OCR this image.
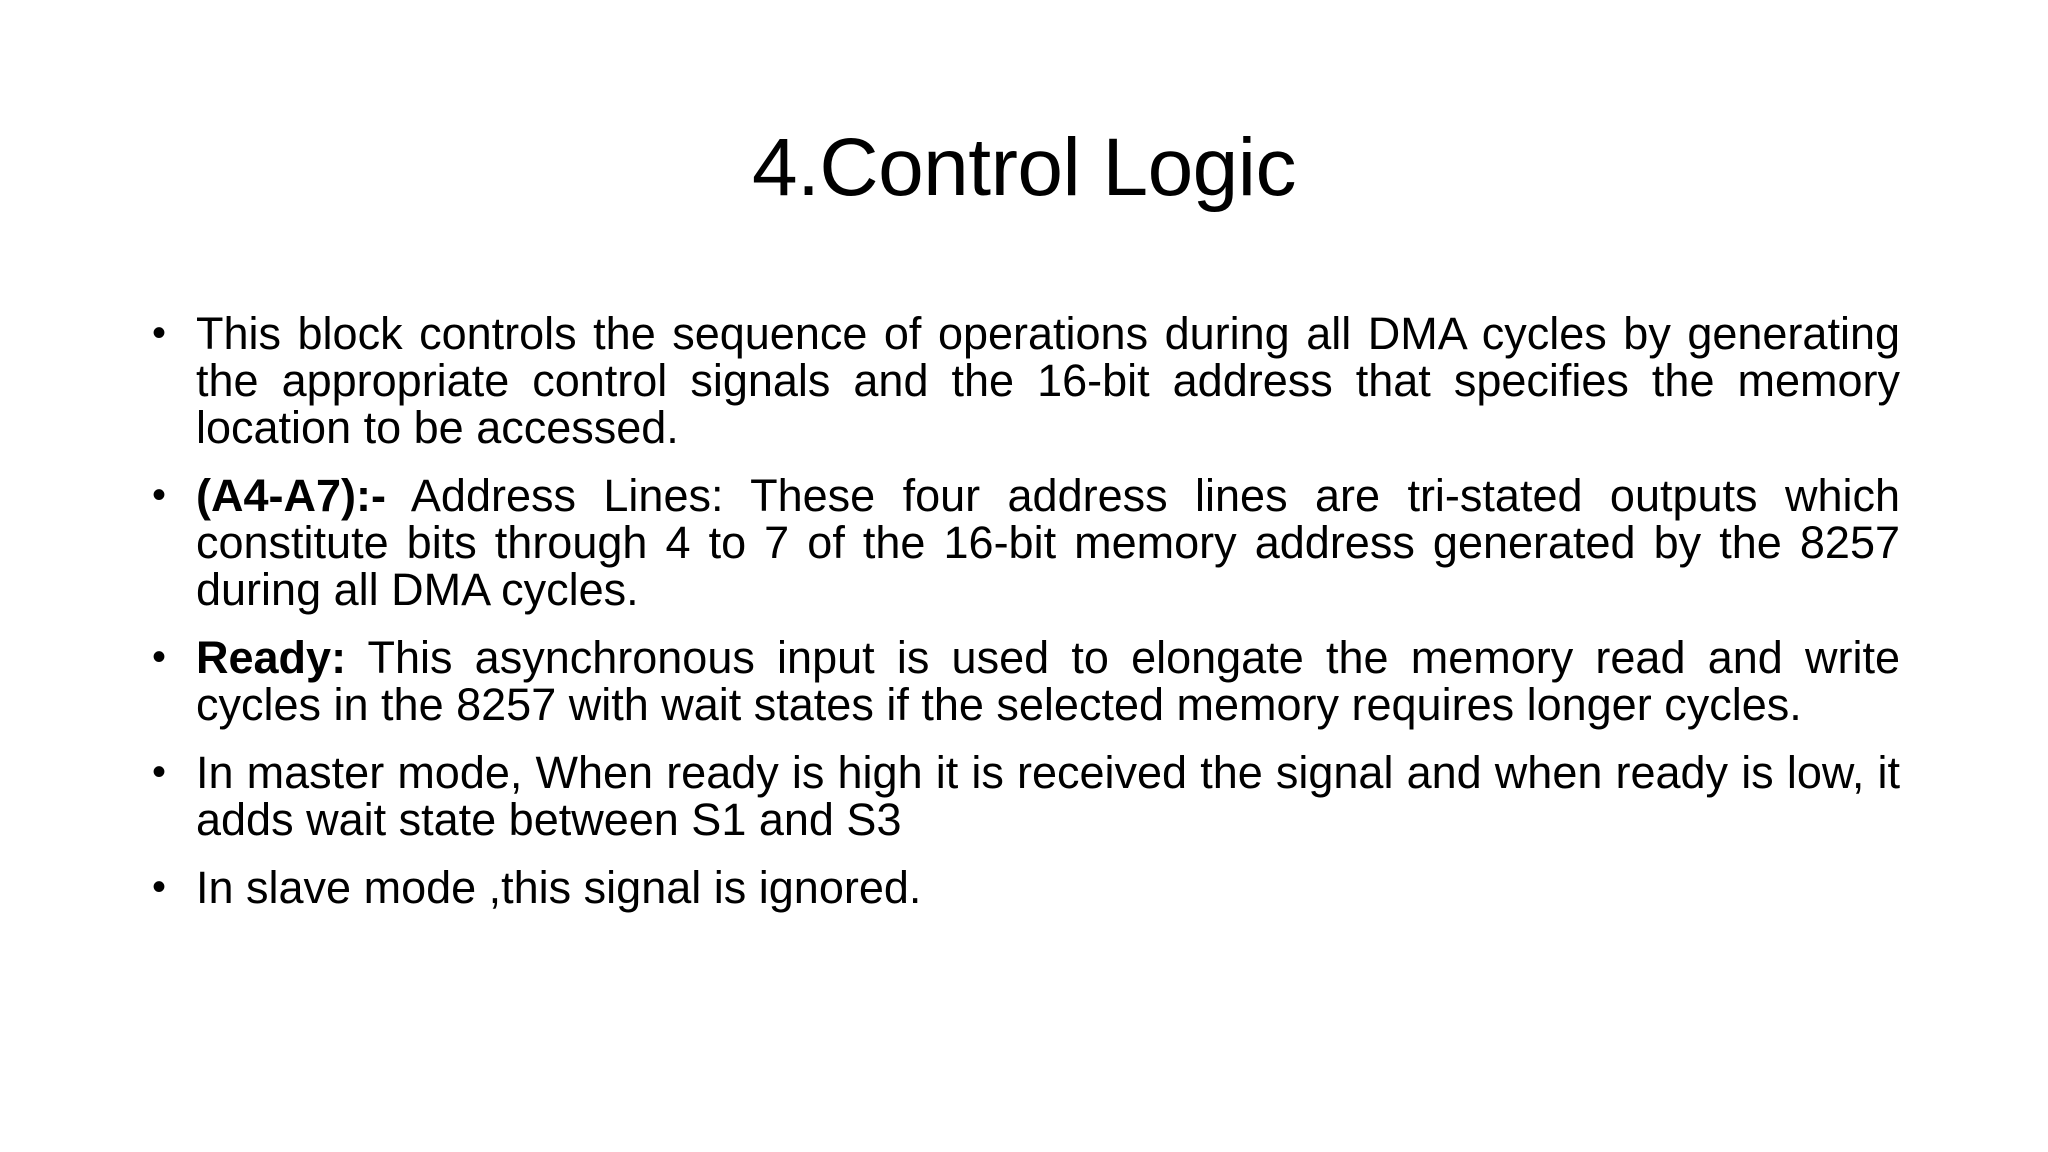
4.Control Logic
• This block controls the sequence of operations during all DMA cycles by generating the appropriate control signals and the 16-bit address that specifies the memory location to be accessed.
• (A4-A7):- Address Lines: These four address lines are tri-stated outputs which constitute bits through 4 to 7 of the 16-bit memory address generated by the 8257 during all DMA cycles.
• Ready: This asynchronous input is used to elongate the memory read and write cycles in the 8257 with wait states if the selected memory requires longer cycles.
• In master mode, When ready is high it is received the signal and when ready is low, it adds wait state between S1 and S3
• In slave mode ,this signal is ignored.
